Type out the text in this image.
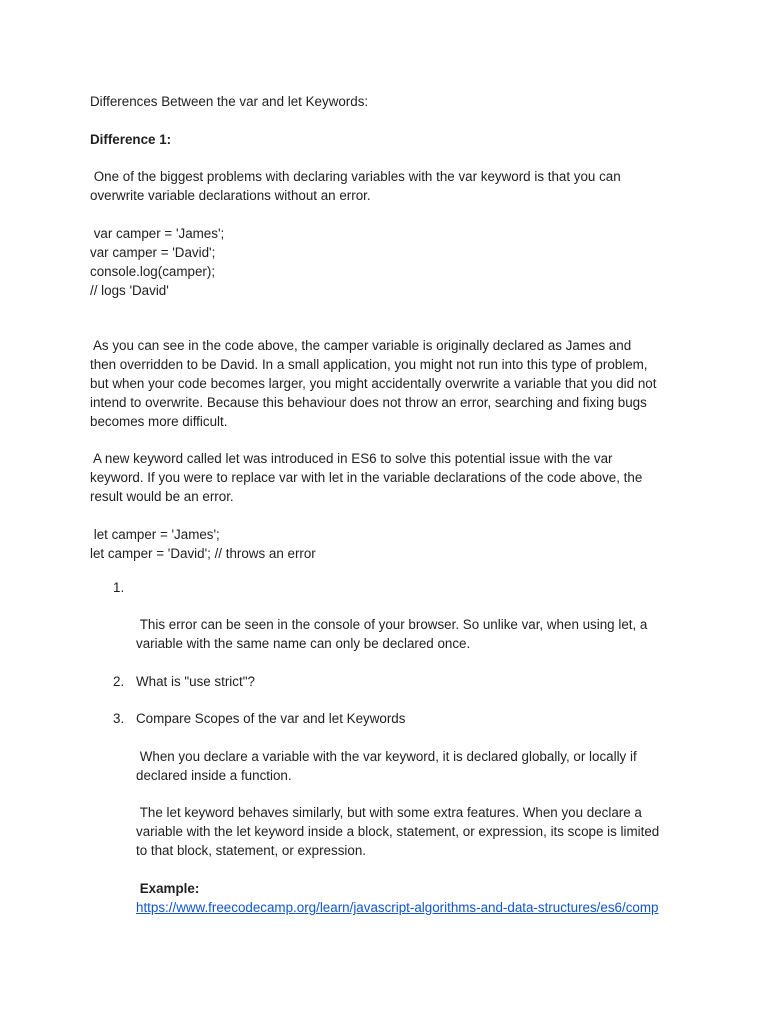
Differences Between the var and let Keywords:
Difference 1:
One of the biggest problems with declaring variables with the var keyword is that you can
overwrite variable declarations without an error.
var camper = 'James';
var camper = 'David';
console.log(camper);
// logs 'David'
As you can see in the code above, the camper variable is originally declared as James and
then overridden to be David. In a small application, you might not run into this type of problem,
but when your code becomes larger, you might accidentally overwrite a variable that you did not
intend to overwrite. Because this behaviour does not throw an error, searching and fixing bugs
becomes more difficult.
A new keyword called let was introduced in ES6 to solve this potential issue with the var
keyword. If you were to replace var with let in the variable declarations of the code above, the
result would be an error.
let camper = 'James';
let camper = 'David'; // throws an error
1.
This error can be seen in the console of your browser. So unlike var, when using let, a
variable with the same name can only be declared once.
2. What is "use strict"?
3. Compare Scopes of the var and let Keywords
When you declare a variable with the var keyword, it is declared globally, or locally if
declared inside a function.
The let keyword behaves similarly, but with some extra features. When you declare a
variable with the let keyword inside a block, statement, or expression, its scope is limited
to that block, statement, or expression.
Example:
https://www.freecodecamp.org/learn/javascript-algorithms-and-data-structures/es6/comp
